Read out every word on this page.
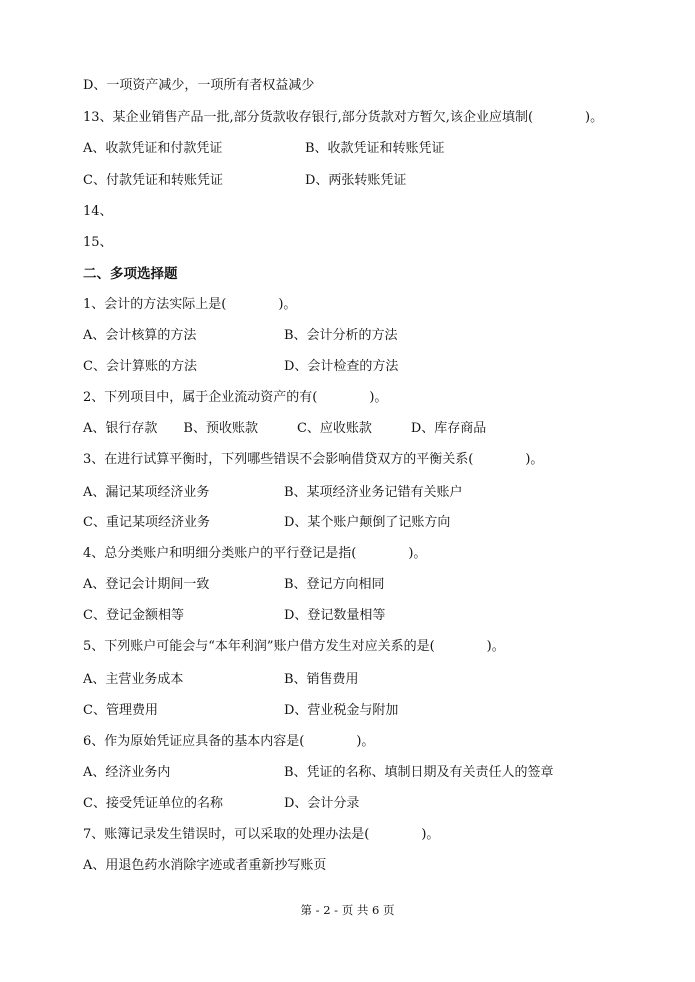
D、一项资产减少，一项所有者权益减少
13、某企业销售产品一批,部分货款收存银行,部分货款对方暂欠,该企业应填制(　　　　)。
A、收款凭证和付款凭证	B、收款凭证和转账凭证
C、付款凭证和转账凭证	D、两张转账凭证
14、
15、
二、多项选择题
1、会计的方法实际上是(　　　　)。
A、会计核算的方法	B、会计分析的方法
C、会计算账的方法	D、会计检查的方法
2、下列项目中，属于企业流动资产的有(　　　　)。
A、银行存款　　B、预收账款　　　C、应收账款　　　D、库存商品
3、在进行试算平衡时，下列哪些错误不会影响借贷双方的平衡关系(　　　　)。
A、漏记某项经济业务	B、某项经济业务记错有关账户
C、重记某项经济业务	D、某个账户颠倒了记账方向
4、总分类账户和明细分类账户的平行登记是指(　　　　)。
A、登记会计期间一致	B、登记方向相同
C、登记金额相等	D、登记数量相等
5、下列账户可能会与“本年利润”账户借方发生对应关系的是(　　　　)。
A、主营业务成本	B、销售费用
C、管理费用	D、营业税金与附加
6、作为原始凭证应具备的基本内容是(　　　　)。
A、经济业务内	B、凭证的名称、填制日期及有关责任人的签章
C、接受凭证单位的名称	D、会计分录
7、账簿记录发生错误时，可以采取的处理办法是(　　　　)。
A、用退色药水消除字迹或者重新抄写账页
第 - 2 - 页 共 6 页
